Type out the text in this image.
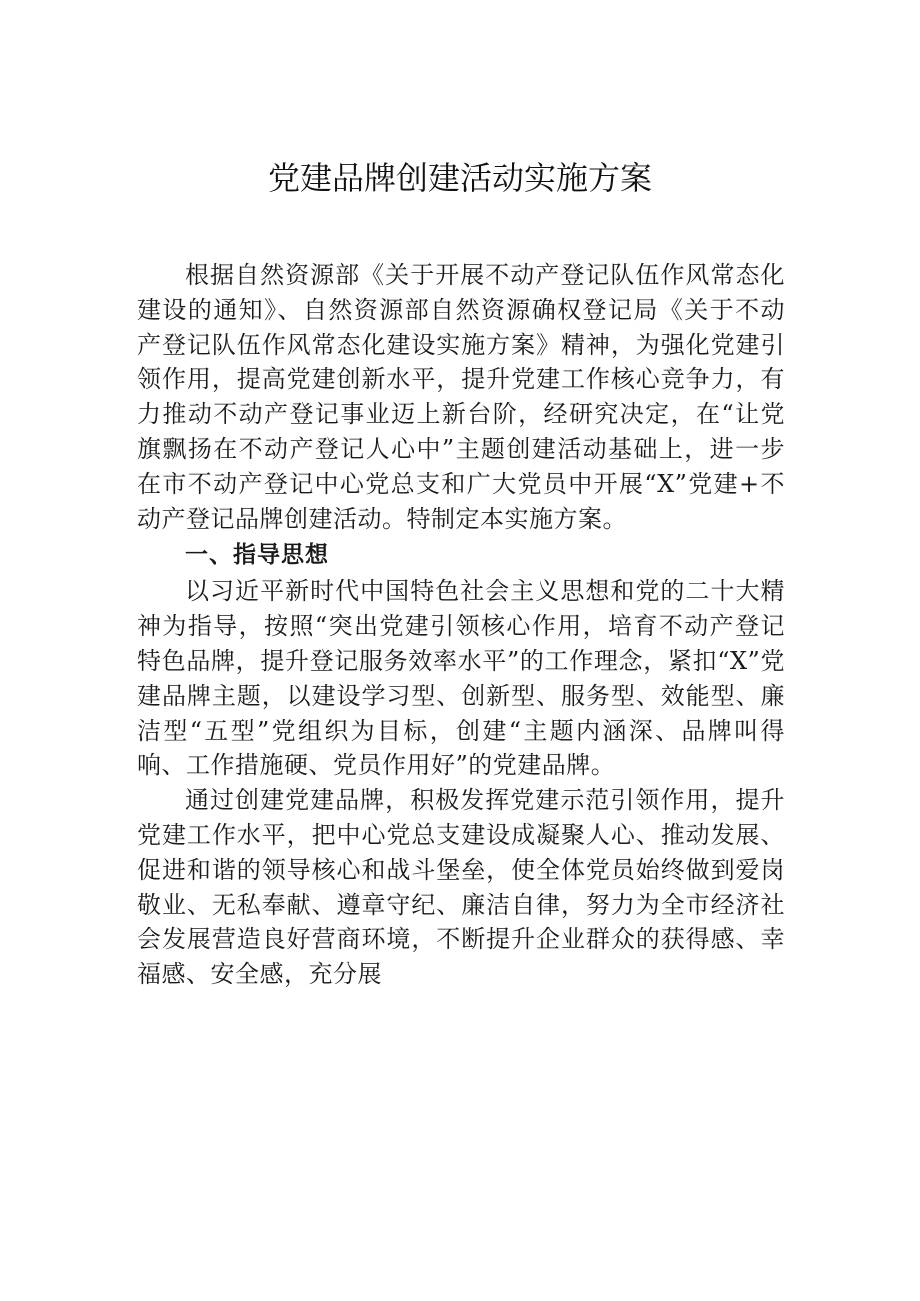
党建品牌创建活动实施方案

根据自然资源部《关于开展不动产登记队伍作风常态化建设的通知》、自然资源部自然资源确权登记局《关于不动产登记队伍作风常态化建设实施方案》精神，为强化党建引领作用，提高党建创新水平，提升党建工作核心竞争力，有力推动不动产登记事业迈上新台阶，经研究决定，在“让党旗飘扬在不动产登记人心中”主题创建活动基础上，进一步在市不动产登记中心党总支和广大党员中开展“X”党建+不动产登记品牌创建活动。特制定本实施方案。

一、指导思想

以习近平新时代中国特色社会主义思想和党的二十大精神为指导，按照“突出党建引领核心作用，培育不动产登记特色品牌，提升登记服务效率水平”的工作理念，紧扣“X”党建品牌主题，以建设学习型、创新型、服务型、效能型、廉洁型“五型”党组织为目标，创建“主题内涵深、品牌叫得响、工作措施硬、党员作用好”的党建品牌。

通过创建党建品牌，积极发挥党建示范引领作用，提升党建工作水平，把中心党总支建设成凝聚人心、推动发展、促进和谐的领导核心和战斗堡垒，使全体党员始终做到爱岗敬业、无私奉献、遵章守纪、廉洁自律，努力为全市经济社会发展营造良好营商环境，不断提升企业群众的获得感、幸福感、安全感，充分展
